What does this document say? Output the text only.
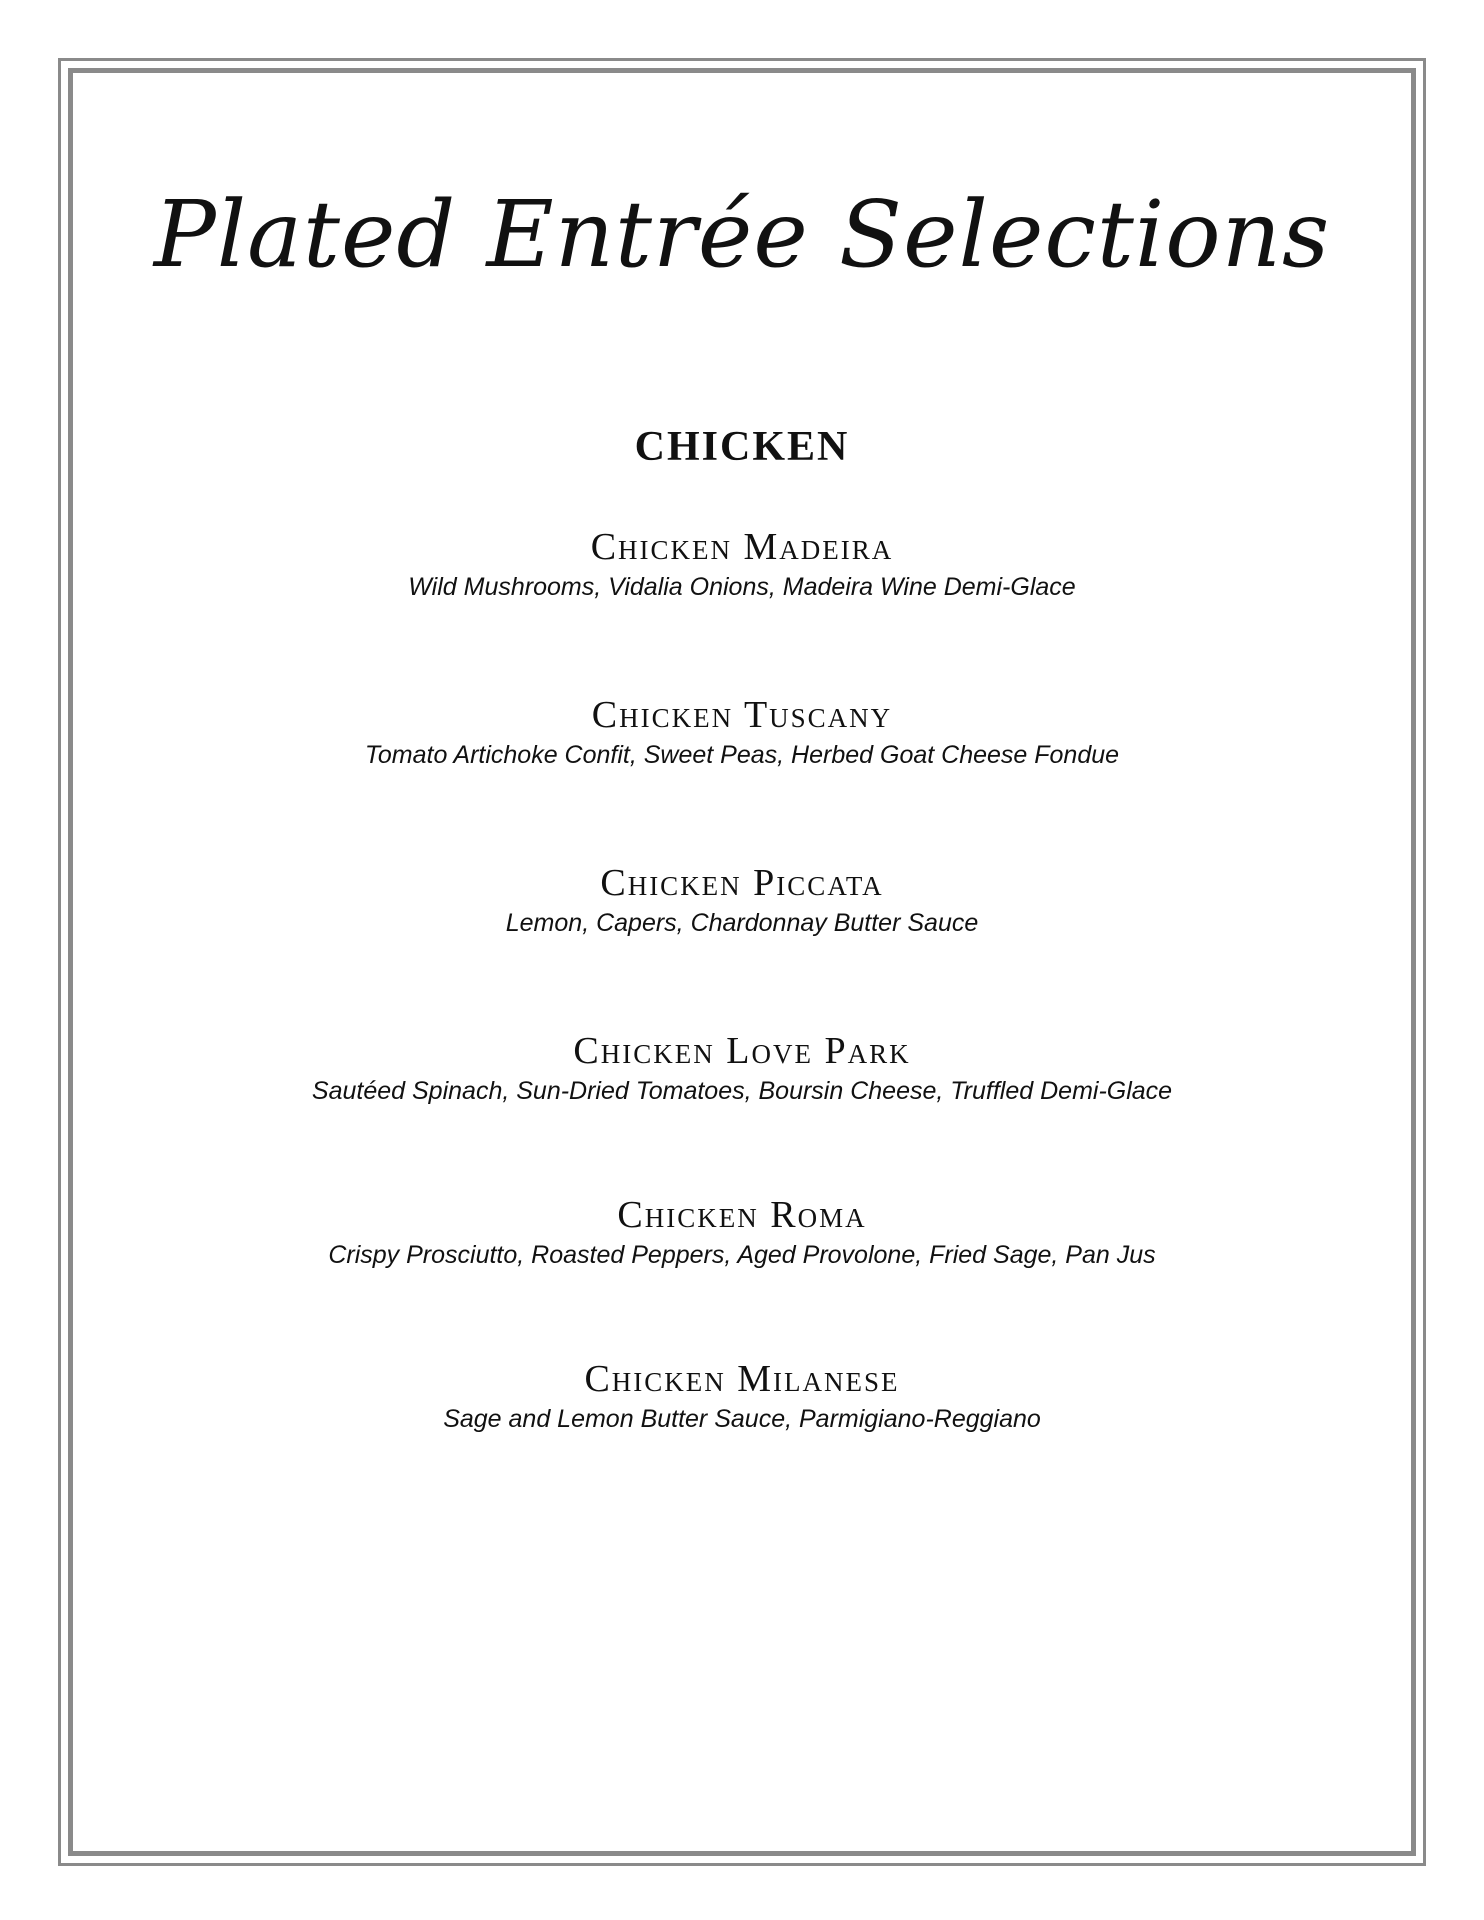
Plated Entrée Selections
CHICKEN
Chicken Madeira
Wild Mushrooms, Vidalia Onions, Madeira Wine Demi-Glace
Chicken Tuscany
Tomato Artichoke Confit, Sweet Peas, Herbed Goat Cheese Fondue
Chicken Piccata
Lemon, Capers, Chardonnay Butter Sauce
Chicken Love Park
Sautéed Spinach, Sun-Dried Tomatoes, Boursin Cheese, Truffled Demi-Glace
Chicken Roma
Crispy Prosciutto, Roasted Peppers, Aged Provolone, Fried Sage, Pan Jus
Chicken Milanese
Sage and Lemon Butter Sauce, Parmigiano-Reggiano
